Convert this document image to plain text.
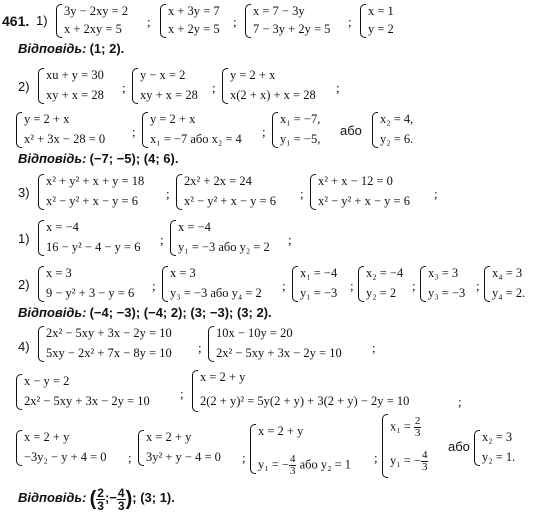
461. 1)
3y − 2xy = 2
x + 2xy = 5 ;
x + 3y = 7
x + 2y = 5 ;
x = 7 − 3y
7 − 3y + 2y = 5 ;
x = 1
y = 2
Відповідь: (1; 2).
2)
xu + y = 30
xy + x = 28 ;
y − x = 2
xy + x = 28 ;
y = 2 + x
x(2 + x) + x = 28 ;
y = 2 + x
x² + 3x − 28 = 0 ;
y = 2 + x
x₁ = −7 або x₂ = 4 ;
x₁ = −7,
y₁ = −5,
або
x₂ = 4,
y₂ = 6.
Відповідь: (−7; −5); (4; 6).
3)
x² + y² + x + y = 18
x² − y² + x − y = 6 ;
2x² + 2x = 24
x² − y² + x − y = 6 ;
x² + x − 12 = 0
x² − y² + x − y = 6 ;
1)
x = −4
16 − y² − 4 − y = 6 ;
x = −4
y₁ = −3 або y₂ = 2 ;
2)
x = 3
9 − y² + 3 − y = 6 ;
x = 3
y₃ = −3 або y₄ = 2 ;
x₁ = −4
y₁ = −3 ;
x₂ = −4
y₂ = 2 ;
x₃ = 3
y₃ = −3 ;
x₄ = 3
y₄ = 2.
Відповідь: (−4; −3); (−4; 2); (3; −3); (3; 2).
4)
2x² − 5xy + 3x − 2y = 10
5xy − 2x² + 7x − 8y = 10 ;
10x − 10y = 20
2x² − 5xy + 3x − 2y = 10 ;
x − y = 2
2x² − 5xy + 3x − 2y = 10 ;
x = 2 + y
2(2 + y)² = 5y(2 + y) + 3(2 + y) − 2y = 10	;
x = 2 + y
−3y₂ − y + 4 = 0 ;
x = 2 + y
3y² + y − 4 = 0 ;
x = 2 + y
y₁ = − $\frac{4}{3}$ або y₂ = 1 ;
$x_1 = \frac{2}{3}$
y₁ = − $\frac{4}{3}$
або
x₂ = 3
y₂ = 1.
Відповідь: ( $\frac{2}{3}$ ;− $\frac{4}{3}$ ); (3; 1).
